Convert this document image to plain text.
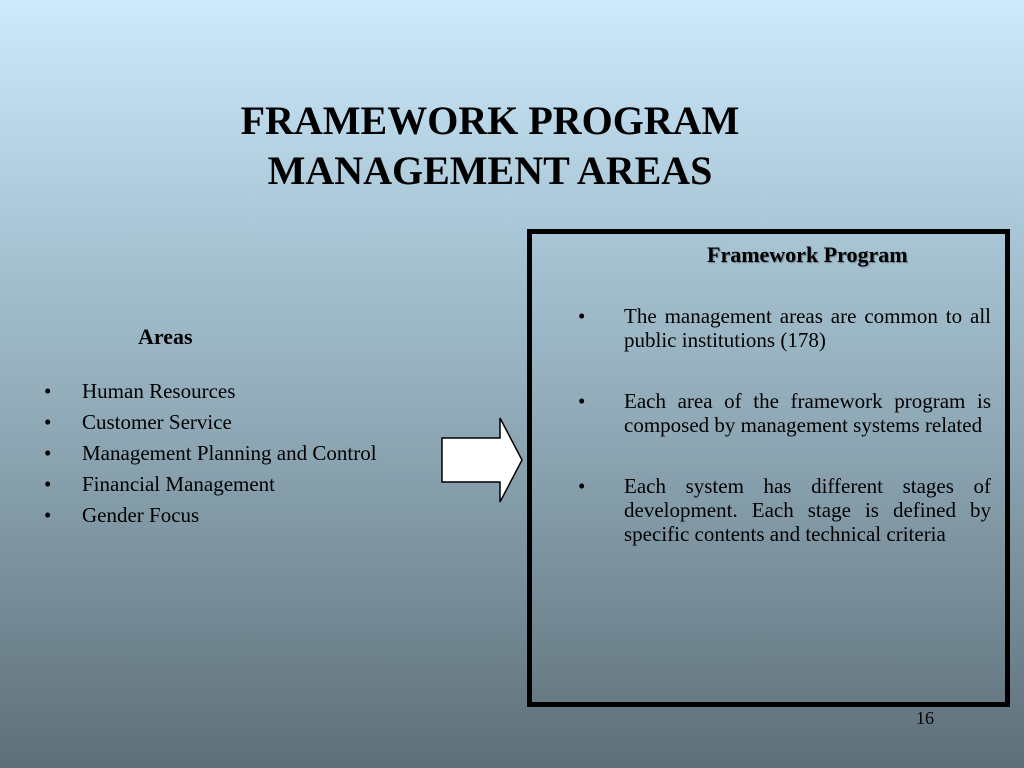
FRAMEWORK PROGRAM
MANAGEMENT AREAS
Areas
•	Human Resources
•	Customer Service
•	Management Planning and Control
•	Financial Management
•	Gender Focus
Framework Program
•	The management areas are common to all public institutions (178)
•	Each area of the framework program is composed by management systems related
•	Each system has different stages of development. Each stage is defined by specific contents and technical criteria
16
